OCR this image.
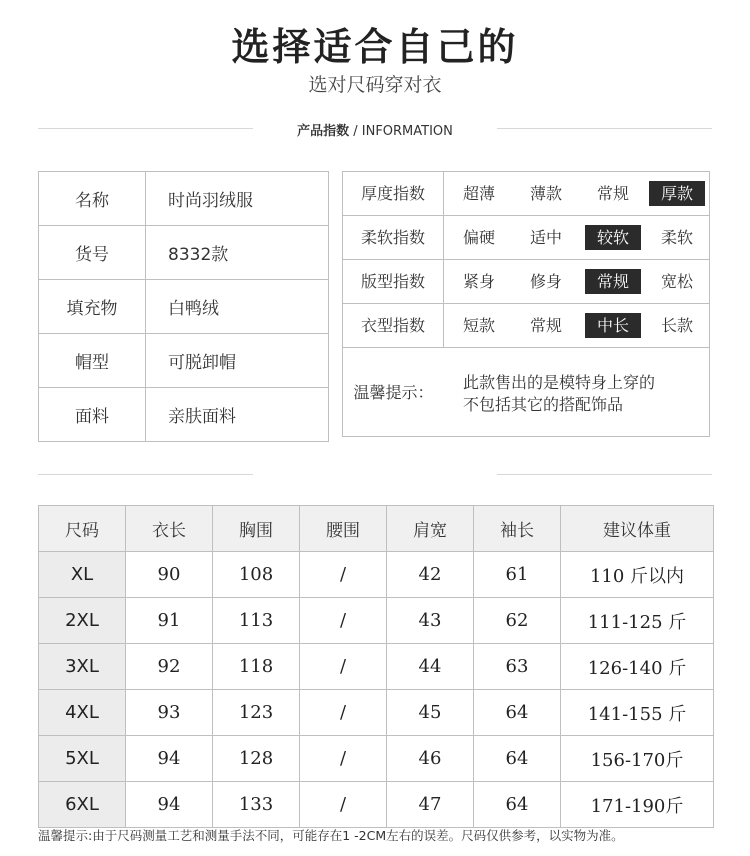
选择适合自己的
选对尺码穿对衣
产品指数 / INFORMATION
名称	时尚羽绒服
货号	8332款
填充物	白鸭绒
帽型	可脱卸帽
面料	亲肤面料
厚度指数	超薄	薄款	常规	厚款
柔软指数	偏硬	适中	较软	柔软
版型指数	紧身	修身	常规	宽松
衣型指数	短款	常规	中长	长款
温馨提示：
此款售出的是模特身上穿的
不包括其它的搭配饰品
尺码	衣长	胸围	腰围	肩宽	袖长	建议体重
XL	90	108	/	42	61	110 斤以内
2XL	91	113	/	43	62	111-125 斤
3XL	92	118	/	44	63	126-140 斤
4XL	93	123	/	45	64	141-155 斤
5XL	94	128	/	46	64	156-170斤
6XL	94	133	/	47	64	171-190斤
温馨提示:由于尺码测量工艺和测量手法不同，可能存在1 -2CM左右的误差。尺码仅供参考，以实物为准。
